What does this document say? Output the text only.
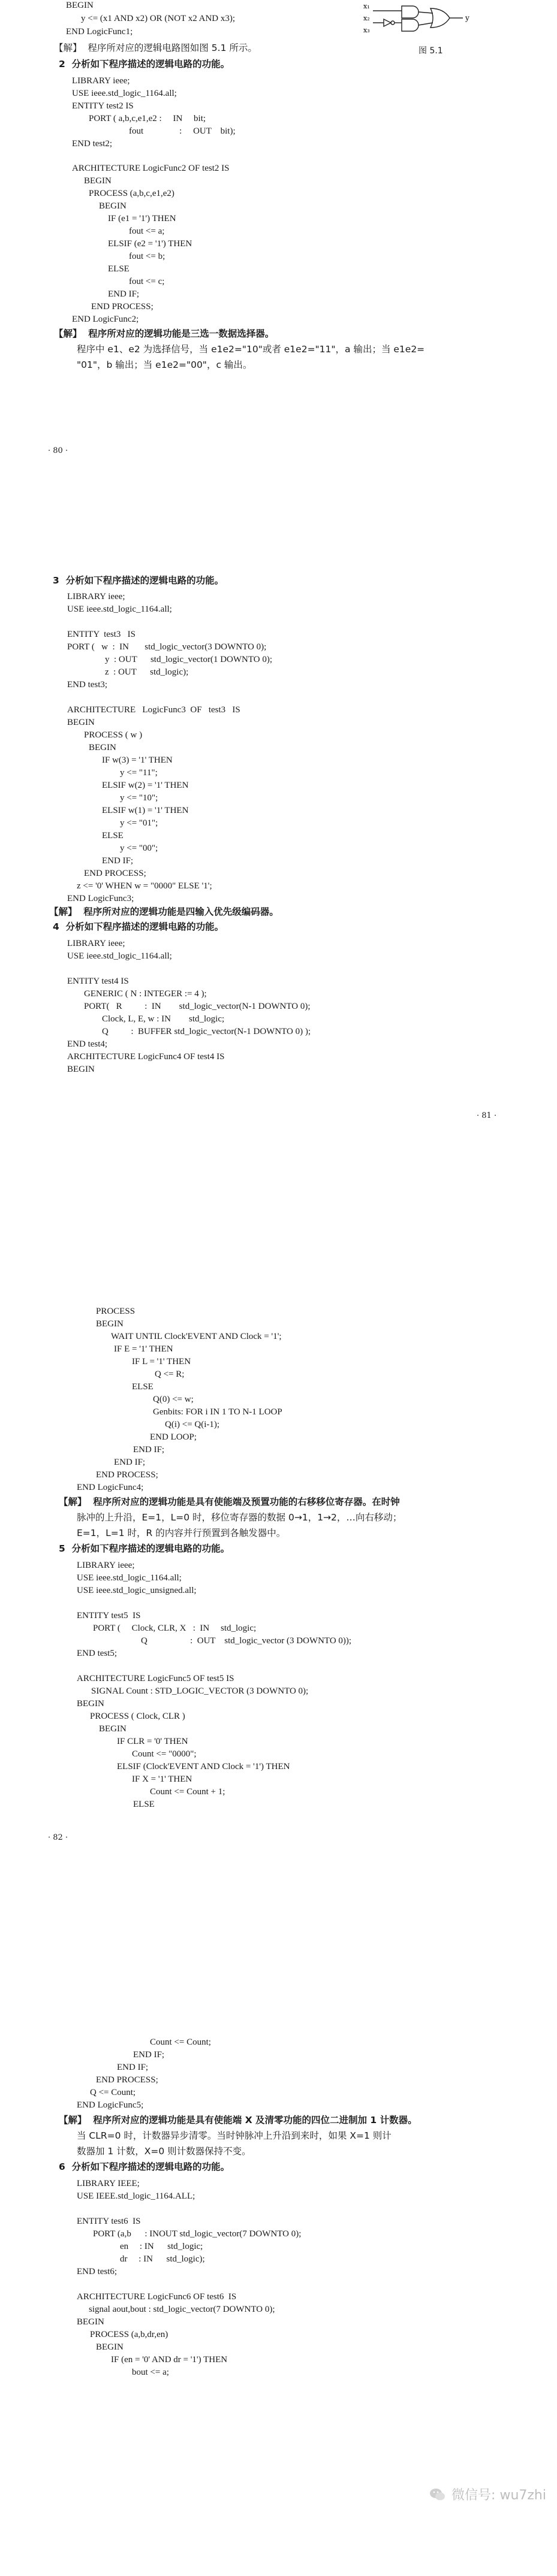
BEGIN
y <= (x1 AND x2) OR (NOT x2 AND x3);
END LogicFunc1;
【解】  程序所对应的逻辑电路图如图 5.1 所示。
2  分析如下程序描述的逻辑电路的功能。
LIBRARY ieee;
USE ieee.std_logic_1164.all;
ENTITY test2 IS
PORT ( a,b,c,e1,e2 :     IN     bit;
fout                :     OUT    bit);
END test2;
ARCHITECTURE LogicFunc2 OF test2 IS
BEGIN
PROCESS (a,b,c,e1,e2)
BEGIN
IF (e1 = '1') THEN
fout <= a;
ELSIF (e2 = '1') THEN
fout <= b;
ELSE
fout <= c;
END IF;
END PROCESS;
END LogicFunc2;
【解】  程序所对应的逻辑功能是三选一数据选择器。
程序中 e1、e2 为选择信号，当 e1e2="10"或者 e1e2="11"，a 输出；当 e1e2=
"01"，b 输出；当 e1e2="00"，c 输出。
· 80 ·
图 5.1
3  分析如下程序描述的逻辑电路的功能。
LIBRARY ieee;
USE ieee.std_logic_1164.all;
ENTITY  test3   IS
PORT (   w  :  IN       std_logic_vector(3 DOWNTO 0);
y  : OUT      std_logic_vector(1 DOWNTO 0);
z  : OUT      std_logic);
END test3;
ARCHITECTURE   LogicFunc3  OF   test3   IS
BEGIN
PROCESS ( w )
BEGIN
IF w(3) = '1' THEN
y <= "11";
ELSIF w(2) = '1' THEN
y <= "10";
ELSIF w(1) = '1' THEN
y <= "01";
ELSE
y <= "00";
END IF;
END PROCESS;
z <= '0' WHEN w = "0000" ELSE '1';
END LogicFunc3;
【解】  程序所对应的逻辑功能是四输入优先级编码器。
4  分析如下程序描述的逻辑电路的功能。
LIBRARY ieee;
USE ieee.std_logic_1164.all;
ENTITY test4 IS
GENERIC ( N : INTEGER := 4 );
PORT(   R          :  IN        std_logic_vector(N-1 DOWNTO 0);
Clock, L, E, w : IN        std_logic;
Q          :  BUFFER std_logic_vector(N-1 DOWNTO 0) );
END test4;
ARCHITECTURE LogicFunc4 OF test4 IS
BEGIN
· 81 ·
PROCESS
BEGIN
WAIT UNTIL Clock'EVENT AND Clock = '1';
IF E = '1' THEN
IF L = '1' THEN
Q <= R;
ELSE
Q(0) <= w;
Genbits: FOR i IN 1 TO N-1 LOOP
Q(i) <= Q(i-1);
END LOOP;
END IF;
END IF;
END PROCESS;
END LogicFunc4;
【解】  程序所对应的逻辑功能是具有使能端及预置功能的右移移位寄存器。在时钟
脉冲的上升沿，E=1，L=0 时，移位寄存器的数据 0→1，1→2，…向右移动；
E=1，L=1 时，R 的内容并行预置到各触发器中。
5  分析如下程序描述的逻辑电路的功能。
LIBRARY ieee;
USE ieee.std_logic_1164.all;
USE ieee.std_logic_unsigned.all;
ENTITY test5  IS
PORT (     Clock, CLR, X   :  IN     std_logic;
Q                   :  OUT    std_logic_vector (3 DOWNTO 0));
END test5;
ARCHITECTURE LogicFunc5 OF test5 IS
SIGNAL Count : STD_LOGIC_VECTOR (3 DOWNTO 0);
BEGIN
PROCESS ( Clock, CLR )
BEGIN
IF CLR = '0' THEN
Count <= "0000";
ELSIF (Clock'EVENT AND Clock = '1') THEN
IF X = '1' THEN
Count <= Count + 1;
ELSE
· 82 ·
Count <= Count;
END IF;
END IF;
END PROCESS;
Q <= Count;
END LogicFunc5;
【解】  程序所对应的逻辑功能是具有使能端 X 及清零功能的四位二进制加 1 计数器。
当 CLR=0 时，计数器异步清零。当时钟脉冲上升沿到来时，如果 X=1 则计
数器加 1 计数，X=0 则计数器保持不变。
6  分析如下程序描述的逻辑电路的功能。
LIBRARY IEEE;
USE IEEE.std_logic_1164.ALL;
ENTITY test6  IS
PORT (a,b      : INOUT std_logic_vector(7 DOWNTO 0);
en     : IN      std_logic;
dr     : IN      std_logic);
END test6;
ARCHITECTURE LogicFunc6 OF test6  IS
signal aout,bout : std_logic_vector(7 DOWNTO 0);
BEGIN
PROCESS (a,b,dr,en)
BEGIN
IF (en = '0' AND dr = '1') THEN
bout <= a;
x₁
x₂
x₃
y
微信号: wu7zhi
